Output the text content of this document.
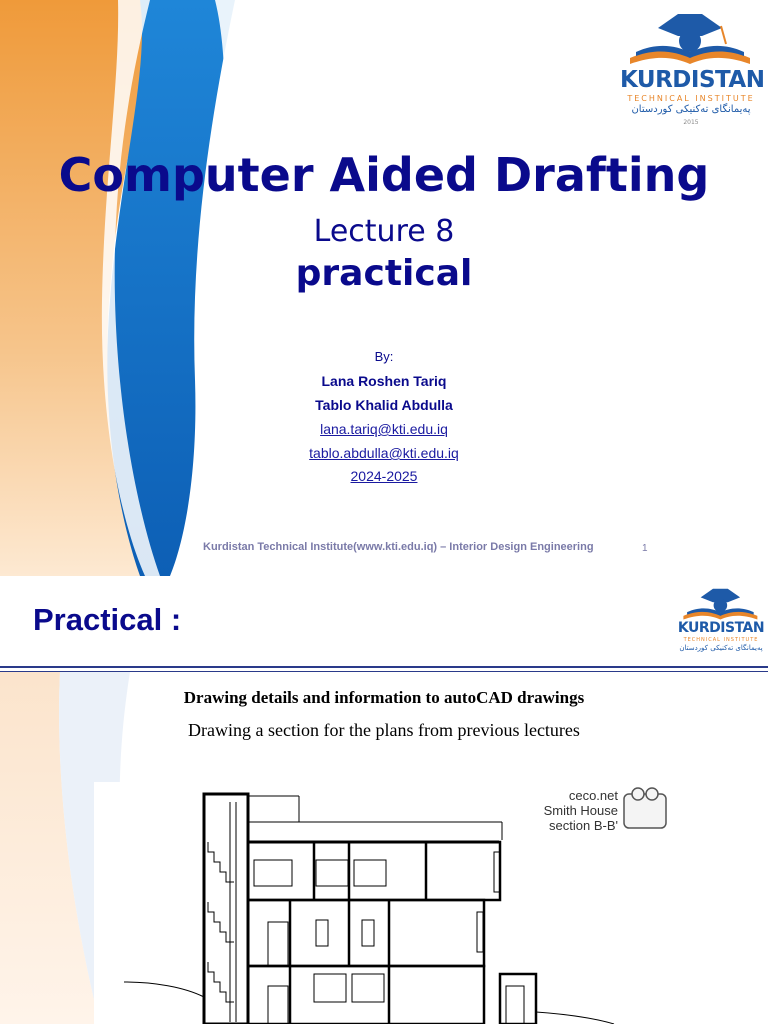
KTI
KURDISTAN
TECHNICAL INSTITUTE
پەیمانگای تەکنیکی کوردستان
2015
Computer Aided Drafting
Lecture 8
practical
By:
Lana Roshen Tariq
Tablo Khalid Abdulla
lana.tariq@kti.edu.iq
tablo.abdulla@kti.edu.iq
2024-2025
Kurdistan Technical Institute(www.kti.edu.iq) – Interior Design Engineering	1
Practical :	KURDISTAN
TECHNICAL INSTITUTE
پەیمانگای تەکنیکی کوردستان
Drawing details and information to autoCAD drawings
Drawing a section for the plans from previous lectures
ceco.net
Smith House
section B-B'
